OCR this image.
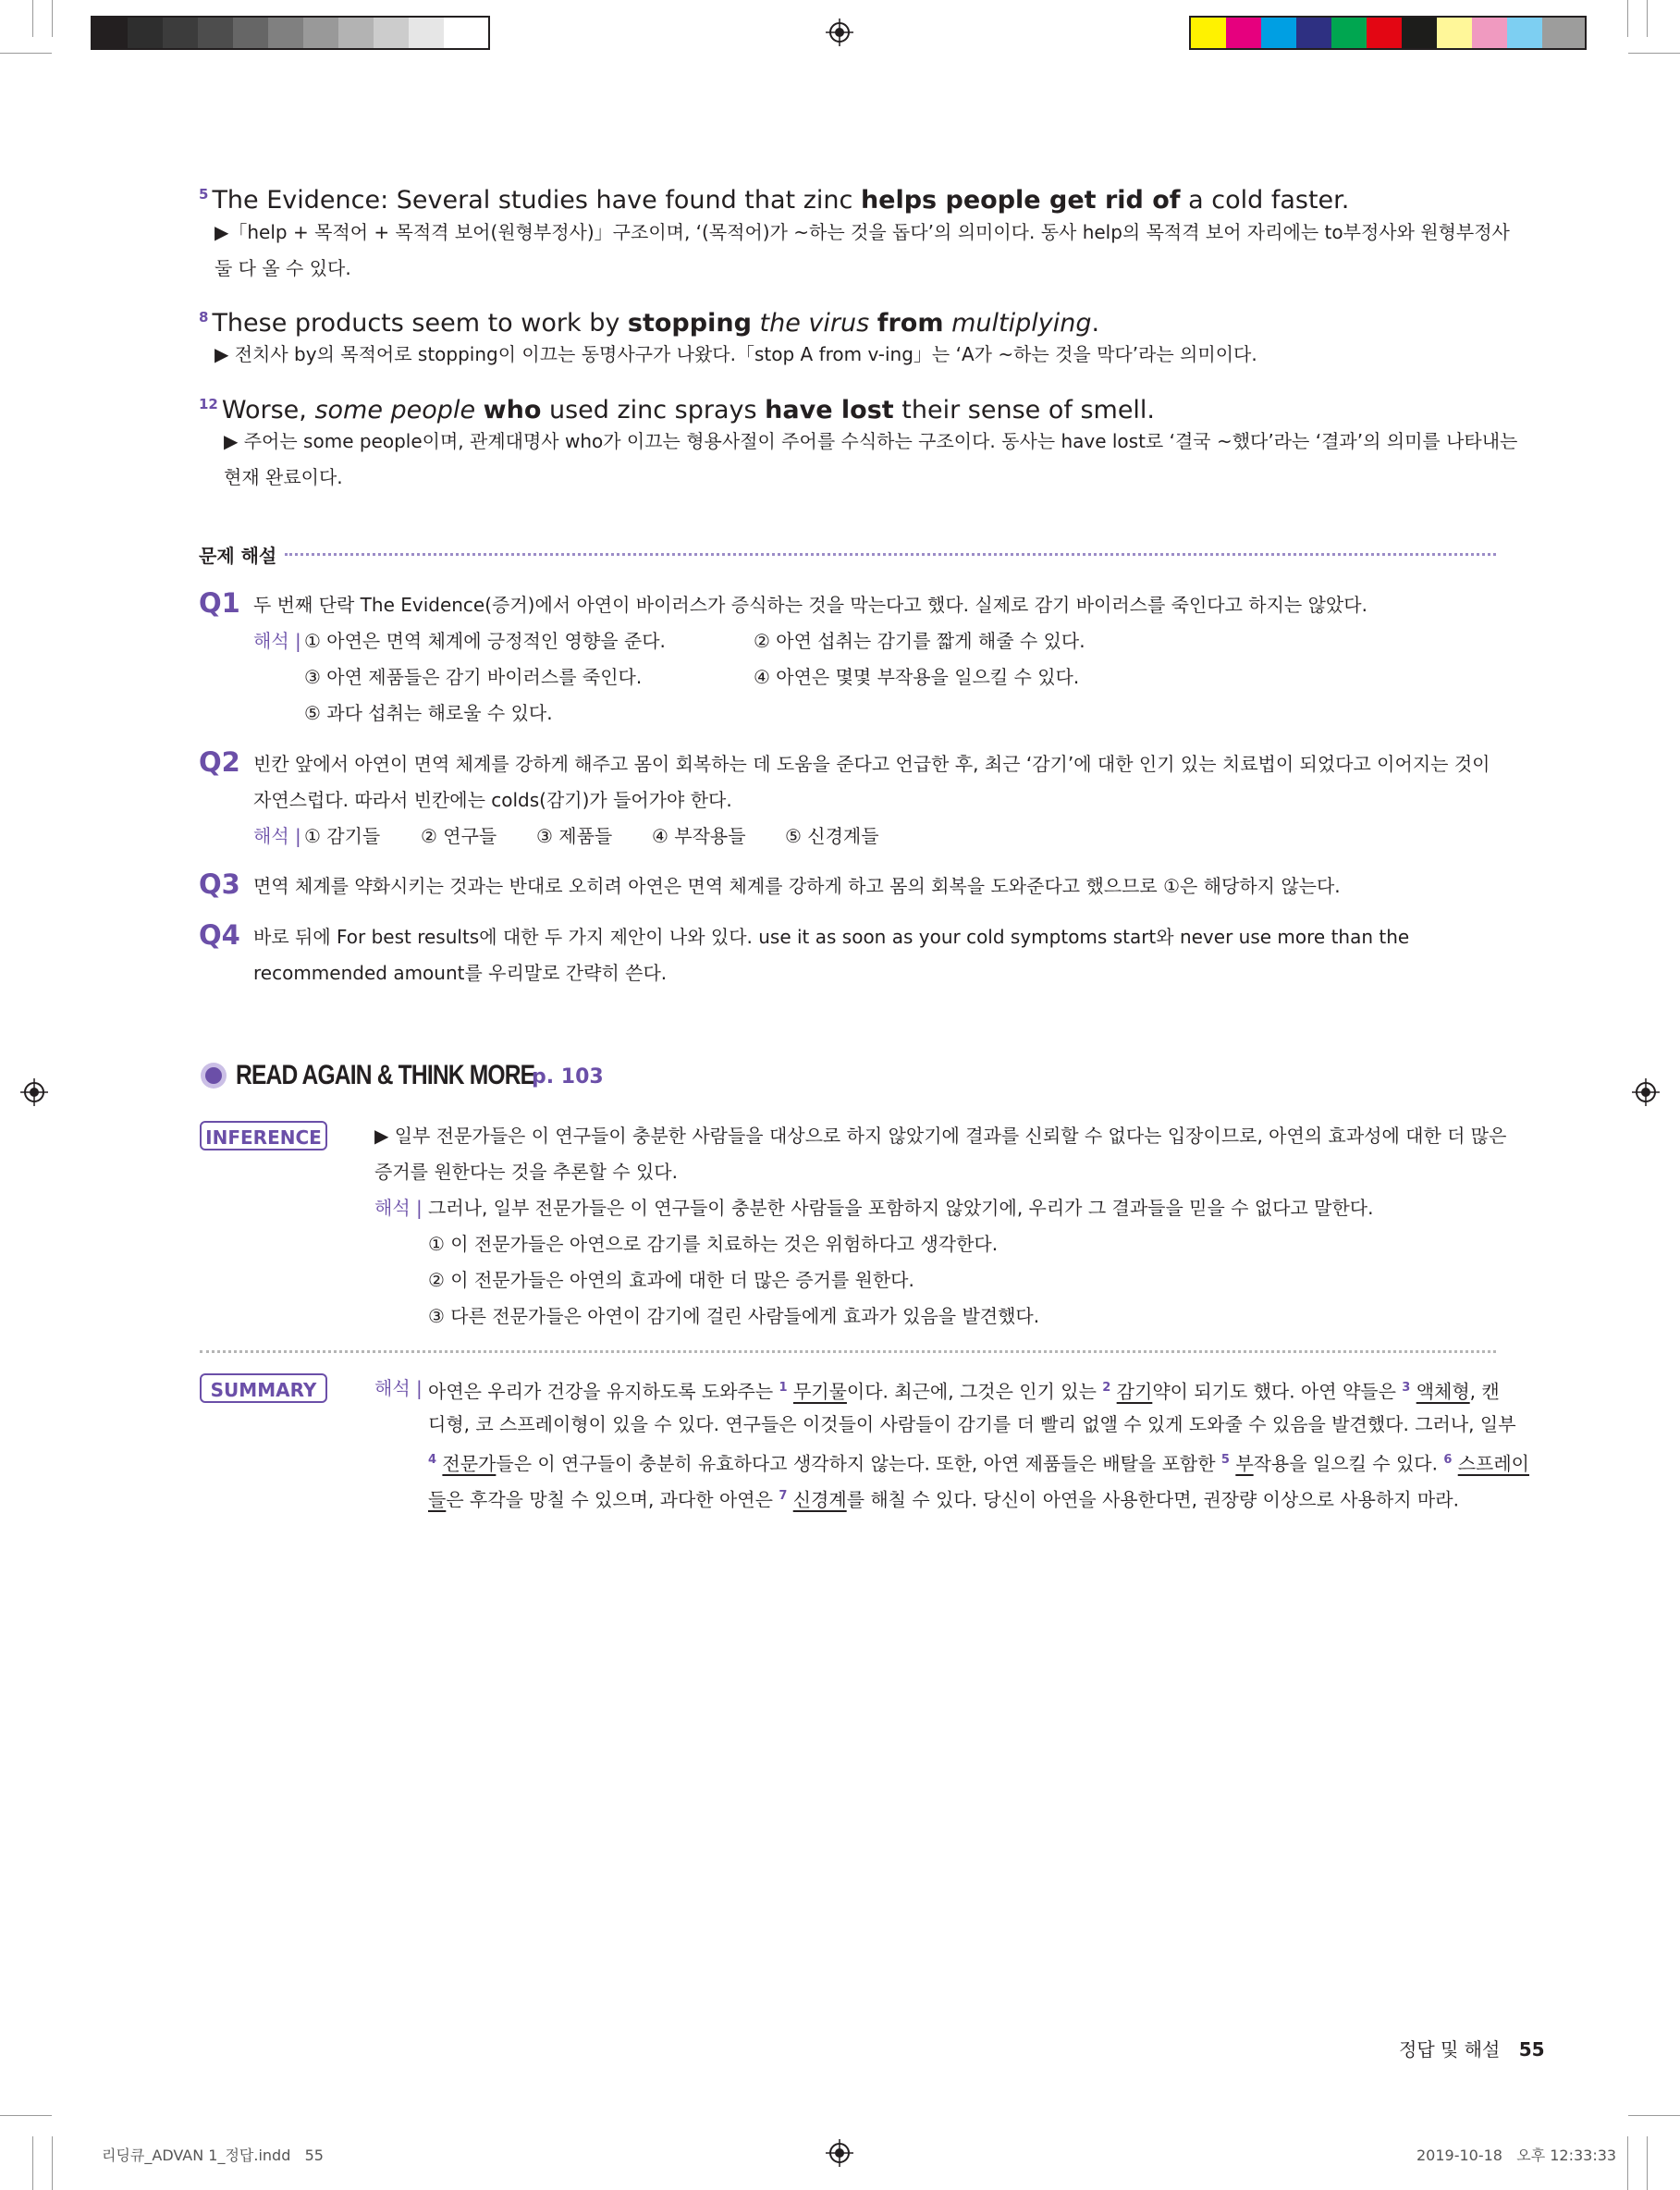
$^5$ The Evidence: Several studies have found that zinc helps people get rid of a cold faster.
▶「help + 목적어 + 목적격 보어(원형부정사)」구조이며, ‘(목적어)가 ~하는 것을 돕다’의 의미이다. 동사 help의 목적격 보어 자리에는 to부정사와 원형부정사
둘 다 올 수 있다.
$^8$ These products seem to work by stopping the virus from multiplying.
▶ 전치사 by의 목적어로 stopping이 이끄는 동명사구가 나왔다.「stop A from v-ing」는 ‘A가 ~하는 것을 막다’라는 의미이다.
$^{12}$ Worse, some people who used zinc sprays have lost their sense of smell.
▶ 주어는 some people이며, 관계대명사 who가 이끄는 형용사절이 주어를 수식하는 구조이다. 동사는 have lost로 ‘결국 ~했다’라는 ‘결과’의 의미를 나타내는
현재 완료이다.
문제 해설
Q1 두 번째 단락 The Evidence(증거)에서 아연이 바이러스가 증식하는 것을 막는다고 했다. 실제로 감기 바이러스를 죽인다고 하지는 않았다.
해석 | ① 아연은 면역 체계에 긍정적인 영향을 준다.	② 아연 섭취는 감기를 짧게 해줄 수 있다.
③ 아연 제품들은 감기 바이러스를 죽인다.	④ 아연은 몇몇 부작용을 일으킬 수 있다.
⑤ 과다 섭취는 해로울 수 있다.
Q2 빈칸 앞에서 아연이 면역 체계를 강하게 해주고 몸이 회복하는 데 도움을 준다고 언급한 후, 최근 ‘감기’에 대한 인기 있는 치료법이 되었다고 이어지는 것이
자연스럽다. 따라서 빈칸에는 colds(감기)가 들어가야 한다.
해석 | ① 감기들 ② 연구들 ③ 제품들 ④ 부작용들 ⑤ 신경계들
Q3 면역 체계를 약화시키는 것과는 반대로 오히려 아연은 면역 체계를 강하게 하고 몸의 회복을 도와준다고 했으므로 ①은 해당하지 않는다.
Q4 바로 뒤에 For best results에 대한 두 가지 제안이 나와 있다. use it as soon as your cold symptoms start와 never use more than the
recommended amount를 우리말로 간략히 쓴다.
READ AGAIN & THINK MORE
p. 103
INFERENCE	▶ 일부 전문가들은 이 연구들이 충분한 사람들을 대상으로 하지 않았기에 결과를 신뢰할 수 없다는 입장이므로, 아연의 효과성에 대한 더 많은
증거를 원한다는 것을 추론할 수 있다.
해석 | 그러나, 일부 전문가들은 이 연구들이 충분한 사람들을 포함하지 않았기에, 우리가 그 결과들을 믿을 수 없다고 말한다.
① 이 전문가들은 아연으로 감기를 치료하는 것은 위험하다고 생각한다.
② 이 전문가들은 아연의 효과에 대한 더 많은 증거를 원한다.
③ 다른 전문가들은 아연이 감기에 걸린 사람들에게 효과가 있음을 발견했다.
SUMMARY	해석 | 아연은 우리가 건강을 유지하도록 도와주는 $^1$ 무기물이다. 최근에, 그것은 인기 있는 $^2$ 감기약이 되기도 했다. 아연 약들은 $^3$ 액체형, 캔
디형, 코 스프레이형이 있을 수 있다. 연구들은 이것들이 사람들이 감기를 더 빨리 없앨 수 있게 도와줄 수 있음을 발견했다. 그러나, 일부
$^4$ 전문가들은 이 연구들이 충분히 유효하다고 생각하지 않는다. 또한, 아연 제품들은 배탈을 포함한 $^5$ 부작용을 일으킬 수 있다. $^6$ 스프레이
들은 후각을 망칠 수 있으며, 과다한 아연은 $^7$ 신경계를 해칠 수 있다. 당신이 아연을 사용한다면, 권장량 이상으로 사용하지 마라.
정답 및 해설 55
리딩큐_ADVAN 1_정답.indd   55	2019-10-18   오후 12:33:33
